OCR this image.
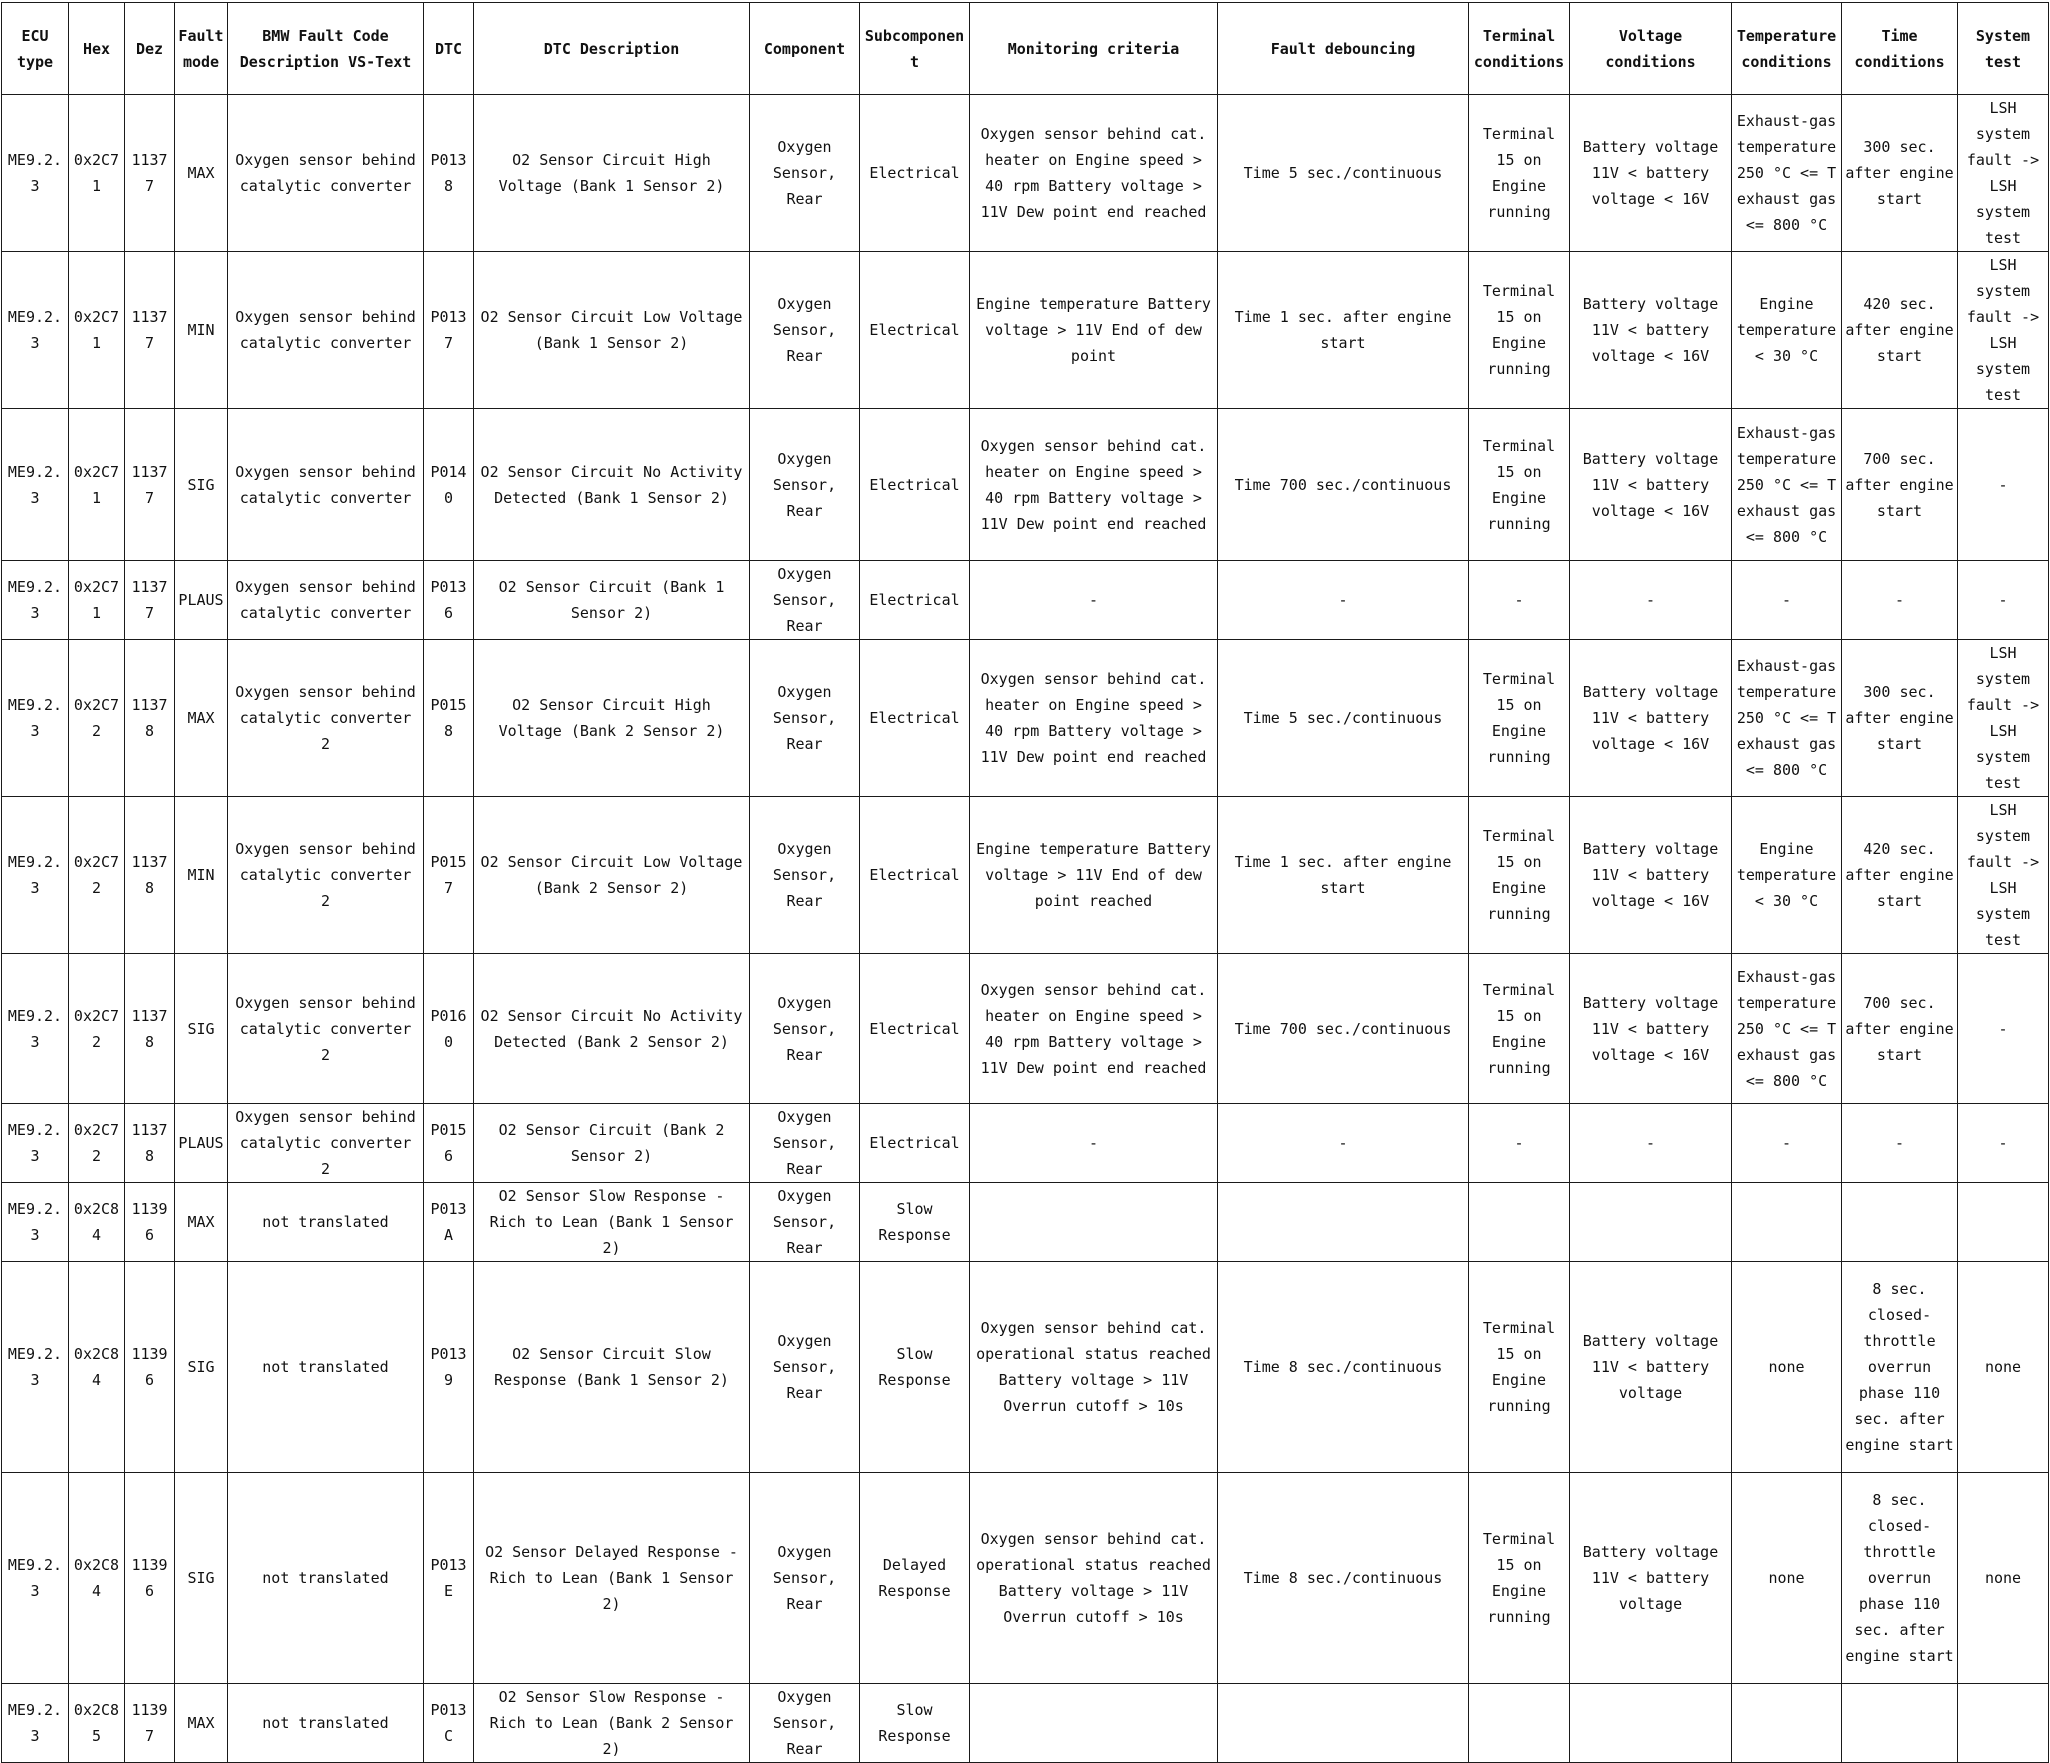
ECU type	Hex	Dez	Fault mode	BMW Fault Code Description VS-Text	DTC	DTC Description	Component	Subcomponent	Monitoring criteria	Fault debouncing	Terminal conditions	Voltage conditions	Temperature conditions	Time conditions	System test
ME9.2.3	0x2C71	11377	MAX	Oxygen sensor behind catalytic converter	P0138	O2 Sensor Circuit High Voltage (Bank 1 Sensor 2)	Oxygen Sensor, Rear	Electrical	Oxygen sensor behind cat. heater on Engine speed > 40 rpm Battery voltage > 11V Dew point end reached	Time 5 sec./continuous	Terminal 15 on Engine running	Battery voltage 11V < battery voltage < 16V	Exhaust-gas temperature 250 °C <= T exhaust gas <= 800 °C	300 sec. after engine start	LSH system fault -> LSH system test
ME9.2.3	0x2C71	11377	MIN	Oxygen sensor behind catalytic converter	P0137	O2 Sensor Circuit Low Voltage (Bank 1 Sensor 2)	Oxygen Sensor, Rear	Electrical	Engine temperature Battery voltage > 11V End of dew point	Time 1 sec. after engine start	Terminal 15 on Engine running	Battery voltage 11V < battery voltage < 16V	Engine temperature < 30 °C	420 sec. after engine start	LSH system fault -> LSH system test
ME9.2.3	0x2C71	11377	SIG	Oxygen sensor behind catalytic converter	P0140	O2 Sensor Circuit No Activity Detected (Bank 1 Sensor 2)	Oxygen Sensor, Rear	Electrical	Oxygen sensor behind cat. heater on Engine speed > 40 rpm Battery voltage > 11V Dew point end reached	Time 700 sec./continuous	Terminal 15 on Engine running	Battery voltage 11V < battery voltage < 16V	Exhaust-gas temperature 250 °C <= T exhaust gas <= 800 °C	700 sec. after engine start	-
ME9.2.3	0x2C71	11377	PLAUS	Oxygen sensor behind catalytic converter	P0136	O2 Sensor Circuit (Bank 1 Sensor 2)	Oxygen Sensor, Rear	Electrical	-	-	-	-	-	-	-
ME9.2.3	0x2C72	11378	MAX	Oxygen sensor behind catalytic converter 2	P0158	O2 Sensor Circuit High Voltage (Bank 2 Sensor 2)	Oxygen Sensor, Rear	Electrical	Oxygen sensor behind cat. heater on Engine speed > 40 rpm Battery voltage > 11V Dew point end reached	Time 5 sec./continuous	Terminal 15 on Engine running	Battery voltage 11V < battery voltage < 16V	Exhaust-gas temperature 250 °C <= T exhaust gas <= 800 °C	300 sec. after engine start	LSH system fault -> LSH system test
ME9.2.3	0x2C72	11378	MIN	Oxygen sensor behind catalytic converter 2	P0157	O2 Sensor Circuit Low Voltage (Bank 2 Sensor 2)	Oxygen Sensor, Rear	Electrical	Engine temperature Battery voltage > 11V End of dew point reached	Time 1 sec. after engine start	Terminal 15 on Engine running	Battery voltage 11V < battery voltage < 16V	Engine temperature < 30 °C	420 sec. after engine start	LSH system fault -> LSH system test
ME9.2.3	0x2C72	11378	SIG	Oxygen sensor behind catalytic converter 2	P0160	O2 Sensor Circuit No Activity Detected (Bank 2 Sensor 2)	Oxygen Sensor, Rear	Electrical	Oxygen sensor behind cat. heater on Engine speed > 40 rpm Battery voltage > 11V Dew point end reached	Time 700 sec./continuous	Terminal 15 on Engine running	Battery voltage 11V < battery voltage < 16V	Exhaust-gas temperature 250 °C <= T exhaust gas <= 800 °C	700 sec. after engine start	-
ME9.2.3	0x2C72	11378	PLAUS	Oxygen sensor behind catalytic converter 2	P0156	O2 Sensor Circuit (Bank 2 Sensor 2)	Oxygen Sensor, Rear	Electrical	-	-	-	-	-	-	-
ME9.2.3	0x2C84	11396	MAX	not translated	P013A	O2 Sensor Slow Response - Rich to Lean (Bank 1 Sensor 2)	Oxygen Sensor, Rear	Slow Response							
ME9.2.3	0x2C84	11396	SIG	not translated	P0139	O2 Sensor Circuit Slow Response (Bank 1 Sensor 2)	Oxygen Sensor, Rear	Slow Response	Oxygen sensor behind cat. operational status reached Battery voltage > 11V Overrun cutoff > 10s	Time 8 sec./continuous	Terminal 15 on Engine running	Battery voltage 11V < battery voltage	none	8 sec. closed-throttle overrun phase 110 sec. after engine start	none
ME9.2.3	0x2C84	11396	SIG	not translated	P013E	O2 Sensor Delayed Response - Rich to Lean (Bank 1 Sensor 2)	Oxygen Sensor, Rear	Delayed Response	Oxygen sensor behind cat. operational status reached Battery voltage > 11V Overrun cutoff > 10s	Time 8 sec./continuous	Terminal 15 on Engine running	Battery voltage 11V < battery voltage	none	8 sec. closed-throttle overrun phase 110 sec. after engine start	none
ME9.2.3	0x2C85	11397	MAX	not translated	P013C	O2 Sensor Slow Response - Rich to Lean (Bank 2 Sensor 2)	Oxygen Sensor, Rear	Slow Response							
